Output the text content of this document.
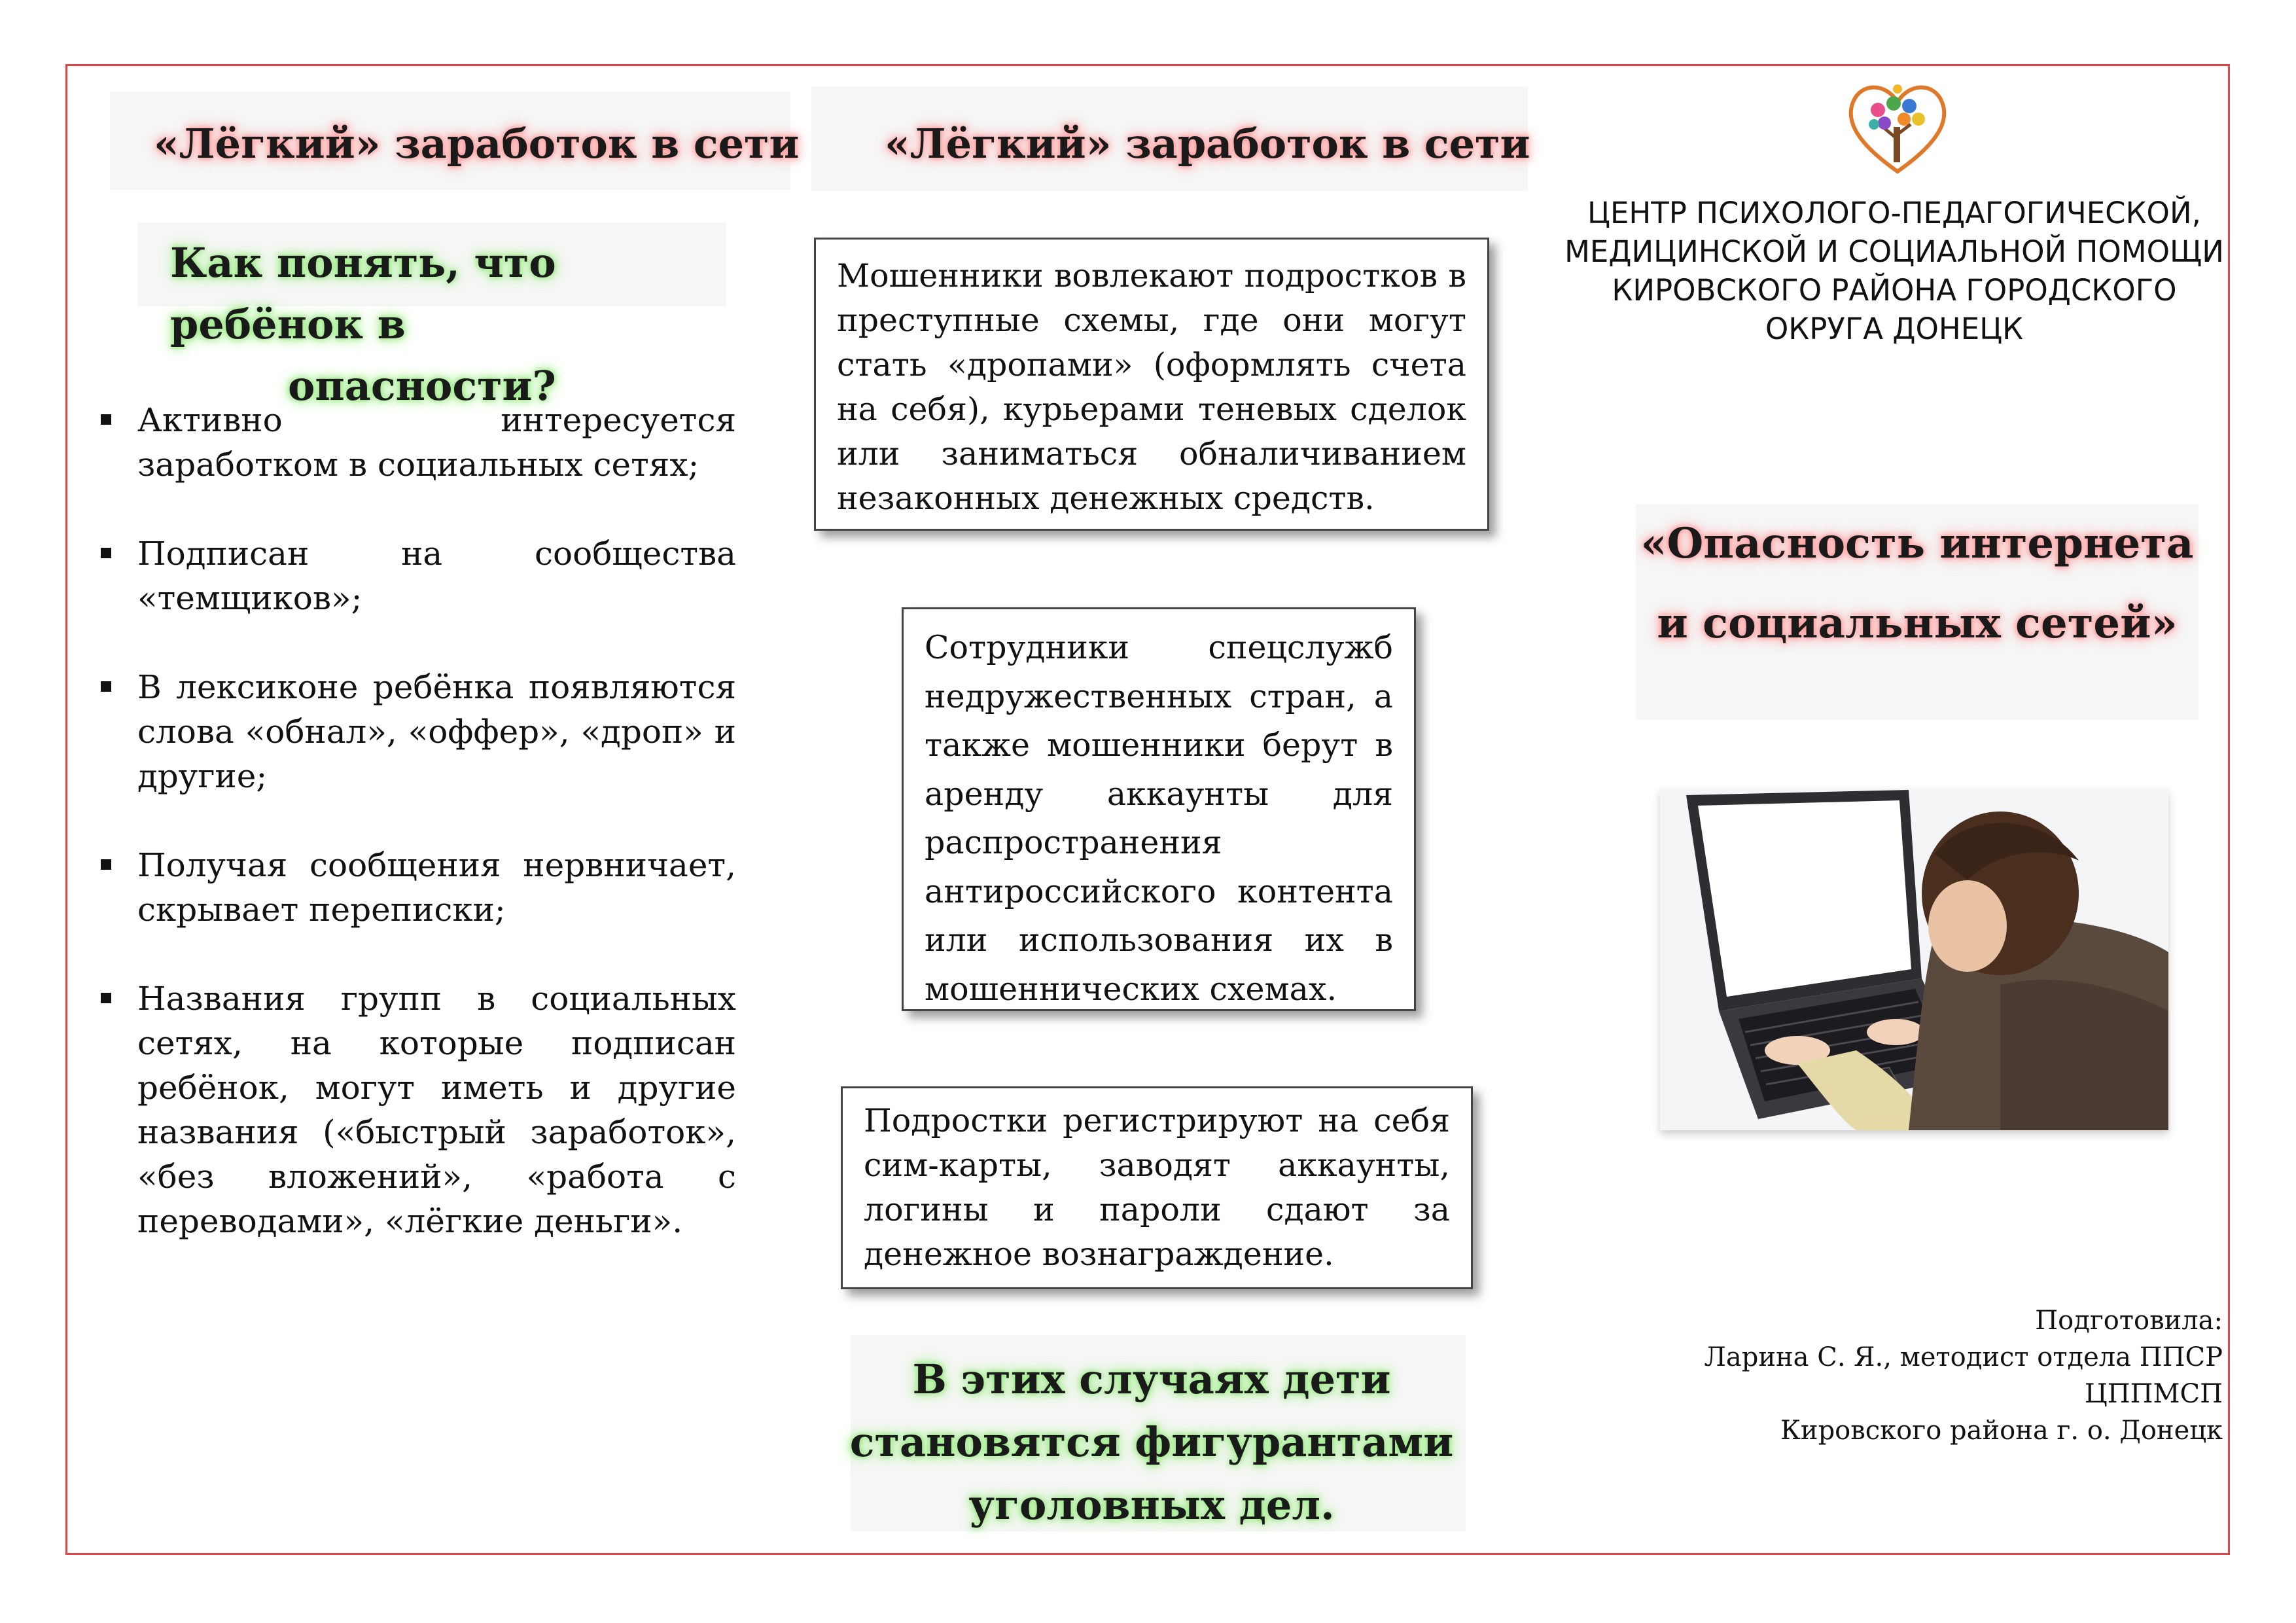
«Лёгкий» заработок в сети
Как понять, что ребёнок в
опасности?
Активно интересуется заработком в социальных сетях;
Подписан на сообщества «темщиков»;
В лексиконе ребёнка появляются слова «обнал», «оффер», «дроп» и другие;
Получая сообщения нервничает, скрывает переписки;
Названия групп в социальных сетях, на которые подписан ребёнок, могут иметь и другие названия («быстрый заработок», «без вложений», «работа с переводами», «лёгкие деньги».
«Лёгкий» заработок в сети
Мошенники вовлекают подростков в преступные схемы, где они могут стать «дропами» (оформлять счета на себя), курьерами теневых сделок или заниматься обналичиванием незаконных денежных средств.
Сотрудники спецслужб недружественных стран, а также мошенники берут в аренду аккаунты для распространения антироссийского контента или использования их в мошеннических схемах.
Подростки регистрируют на себя сим-карты, заводят аккаунты, логины и пароли сдают за денежное вознаграждение.
В этих случаях дети
становятся фигурантами
уголовных дел.
ЦЕНТР ПСИХОЛОГО-ПЕДАГОГИЧЕСКОЙ,
МЕДИЦИНСКОЙ И СОЦИАЛЬНОЙ ПОМОЩИ
КИРОВСКОГО РАЙОНА ГОРОДСКОГО
ОКРУГА ДОНЕЦК
«Опасность интернета
и социальных сетей»
Подготовила:
Ларина С. Я., методист отдела ППСР ЦППМСП
Кировского района г. о. Донецк
